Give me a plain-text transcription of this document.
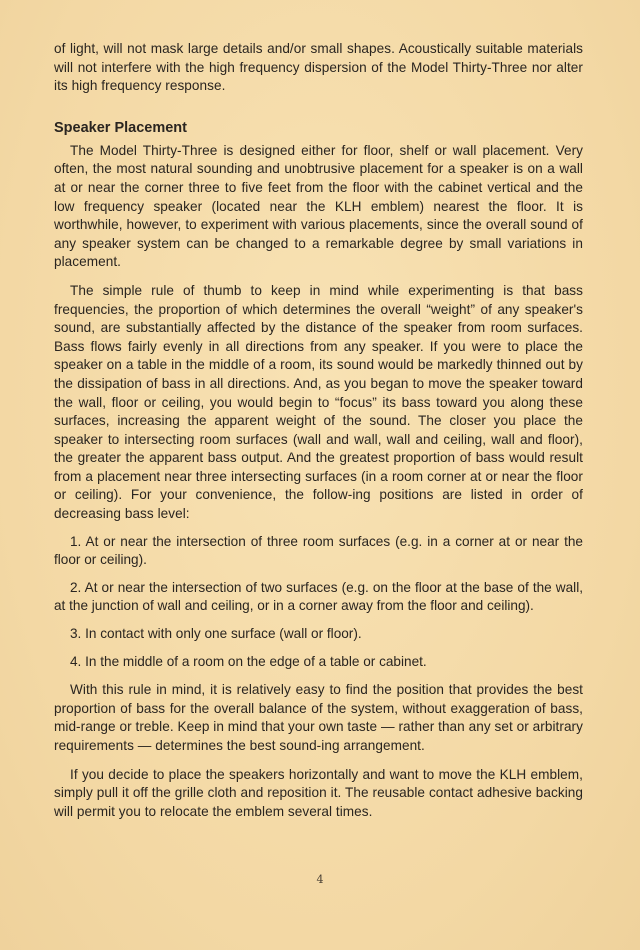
of light, will not mask large details and/or small shapes. Acoustically suitable materials will not interfere with the high frequency dispersion of the Model Thirty-Three nor alter its high frequency response.

Speaker Placement

The Model Thirty-Three is designed either for floor, shelf or wall placement. Very often, the most natural sounding and unobtrusive placement for a speaker is on a wall at or near the corner three to five feet from the floor with the cabinet vertical and the low frequency speaker (located near the KLH emblem) nearest the floor. It is worthwhile, however, to experiment with various placements, since the overall sound of any speaker system can be changed to a remarkable degree by small variations in placement.

The simple rule of thumb to keep in mind while experimenting is that bass frequencies, the proportion of which determines the overall “weight” of any speaker's sound, are substantially affected by the distance of the speaker from room surfaces. Bass flows fairly evenly in all directions from any speaker. If you were to place the speaker on a table in the middle of a room, its sound would be markedly thinned out by the dissipation of bass in all directions. And, as you began to move the speaker toward the wall, floor or ceiling, you would begin to “focus” its bass toward you along these surfaces, increasing the apparent weight of the sound. The closer you place the speaker to intersecting room surfaces (wall and wall, wall and ceiling, wall and floor), the greater the apparent bass output. And the greatest proportion of bass would result from a placement near three intersecting surfaces (in a room corner at or near the floor or ceiling). For your convenience, the follow-ing positions are listed in order of decreasing bass level:

1. At or near the intersection of three room surfaces (e.g. in a corner at or near the floor or ceiling).

2. At or near the intersection of two surfaces (e.g. on the floor at the base of the wall, at the junction of wall and ceiling, or in a corner away from the floor and ceiling).

3. In contact with only one surface (wall or floor).

4. In the middle of a room on the edge of a table or cabinet.

With this rule in mind, it is relatively easy to find the position that provides the best proportion of bass for the overall balance of the system, without exaggeration of bass, mid-range or treble. Keep in mind that your own taste — rather than any set or arbitrary requirements — determines the best sound-ing arrangement.

If you decide to place the speakers horizontally and want to move the KLH emblem, simply pull it off the grille cloth and reposition it. The reusable contact adhesive backing will permit you to relocate the emblem several times.

4
